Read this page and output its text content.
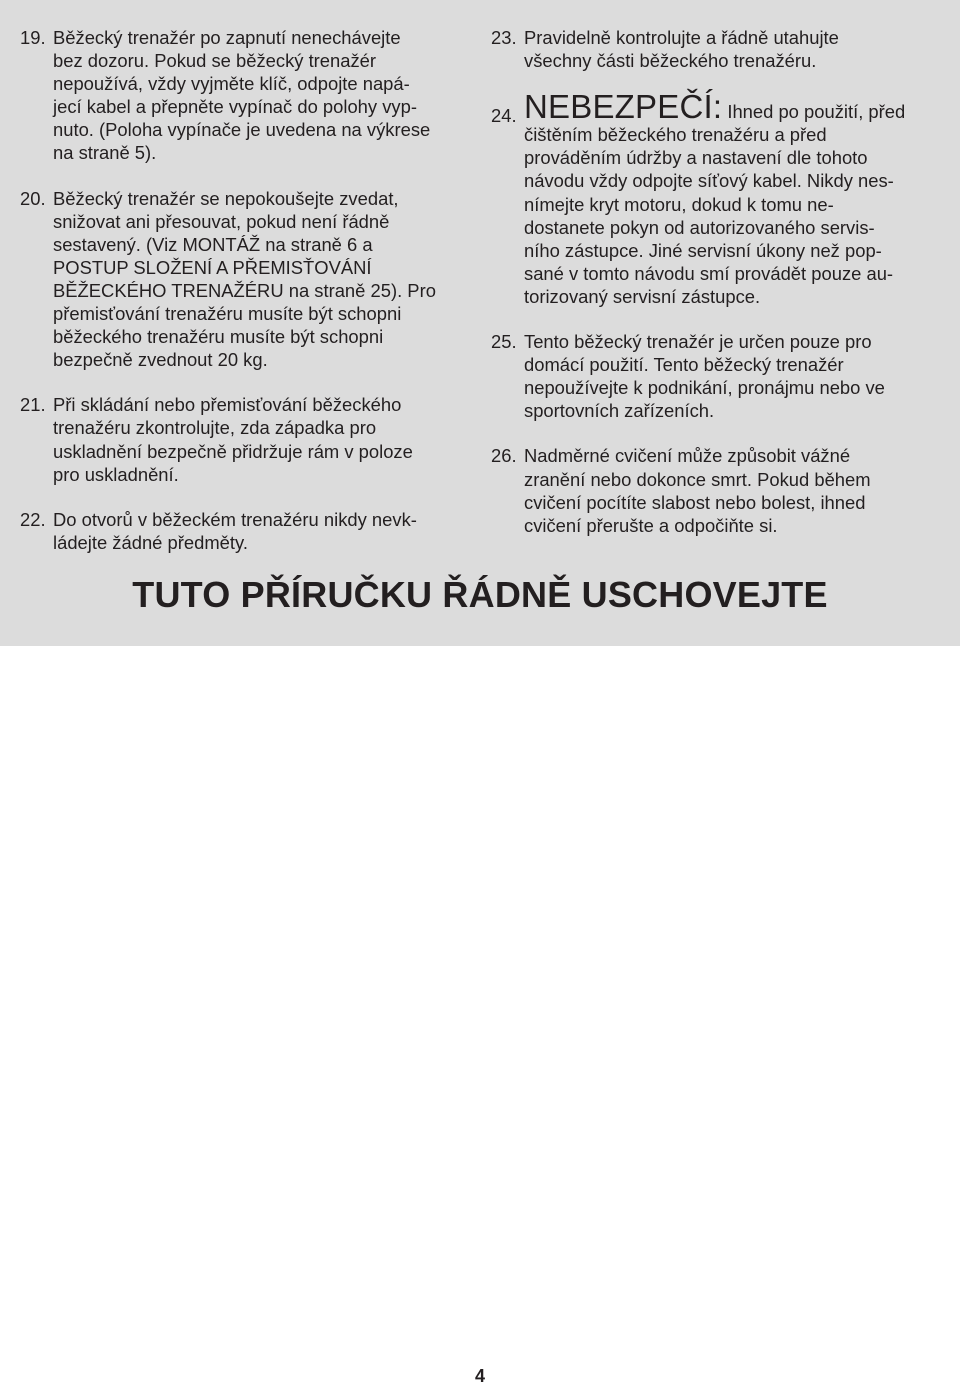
19. Běžecký trenažér po zapnutí nenechávejte
bez dozoru. Pokud se běžecký trenažér
nepoužívá, vždy vyjměte klíč, odpojte napá-
jecí kabel a přepněte vypínač do polohy vyp-
nuto. (Poloha vypínače je uvedena na výkrese
na straně 5).
20. Běžecký trenažér se nepokoušejte zvedat,
snižovat ani přesouvat, pokud není řádně
sestavený. (Viz MONTÁŽ na straně 6 a
POSTUP SLOŽENÍ A PŘEMISŤOVÁNÍ
BĚŽECKÉHO TRENAŽÉRU na straně 25). Pro
přemisťování trenažéru musíte být schopni
běžeckého trenažéru musíte být schopni
bezpečně zvednout 20 kg.
21. Při skládání nebo přemisťování běžeckého
trenažéru zkontrolujte, zda západka pro
uskladnění bezpečně přidržuje rám v poloze
pro uskladnění.
22. Do otvorů v běžeckém trenažéru nikdy nevk-
ládejte žádné předměty.
23. Pravidelně kontrolujte a řádně utahujte
všechny části běžeckého trenažéru.
24. NEBEZPEČÍ: Ihned po použití, před
čištěním běžeckého trenažéru a před
prováděním údržby a nastavení dle tohoto
návodu vždy odpojte síťový kabel. Nikdy nes-
nímejte kryt motoru, dokud k tomu ne-
dostanete pokyn od autorizovaného servis-
ního zástupce. Jiné servisní úkony než pop-
sané v tomto návodu smí provádět pouze au-
torizovaný servisní zástupce.
25. Tento běžecký trenažér je určen pouze pro
domácí použití. Tento běžecký trenažér
nepoužívejte k podnikání, pronájmu nebo ve
sportovních zařízeních.
26. Nadměrné cvičení může způsobit vážné
zranění nebo dokonce smrt. Pokud během
cvičení pocítíte slabost nebo bolest, ihned
cvičení přerušte a odpočiňte si.
TUTO PŘÍRUČKU ŘÁDNĚ USCHOVEJTE
4
